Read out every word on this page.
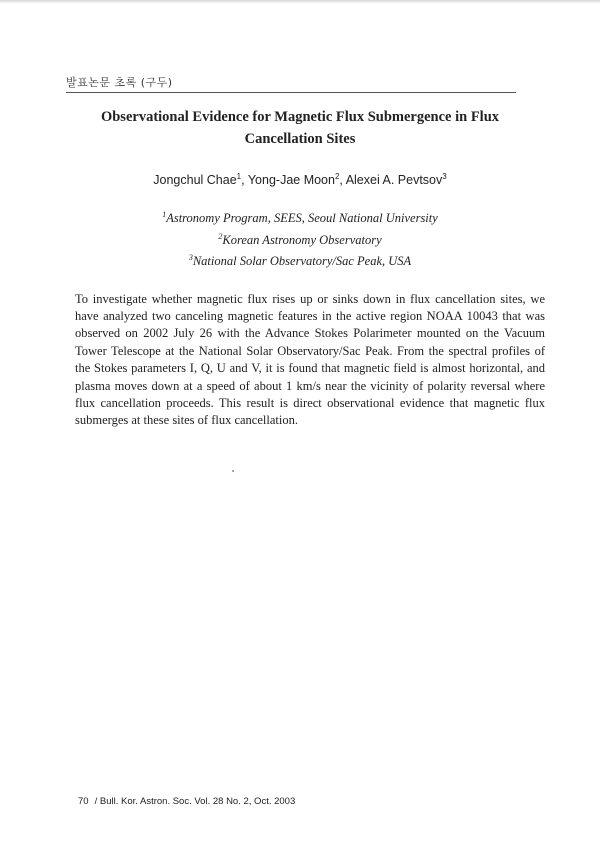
발표논문 초록 (구두)
Observational Evidence for Magnetic Flux Submergence in Flux
Cancellation Sites
Jongchul Chae$^1$, Yong-Jae Moon$^2$, Alexei A. Pevtsov$^3$
$^1$Astronomy Program, SEES, Seoul National University
$^2$Korean Astronomy Observatory
$^3$National Solar Observatory/Sac Peak, USA

To investigate whether magnetic flux rises up or sinks down in flux cancellation sites, we have analyzed two canceling magnetic features in the active region NOAA 10043 that was observed on 2002 July 26 with the Advance Stokes Polarimeter mounted on the Vacuum Tower Telescope at the National Solar Observatory/Sac Peak. From the spectral profiles of the Stokes parameters I, Q, U and V, it is found that magnetic field is almost horizontal, and plasma moves down at a speed of about 1 km/s near the vicinity of polarity reversal where flux cancellation proceeds. This result is direct observational evidence that magnetic flux submerges at these sites of flux cancellation.

70 / Bull. Kor. Astron. Soc. Vol. 28 No. 2, Oct. 2003
